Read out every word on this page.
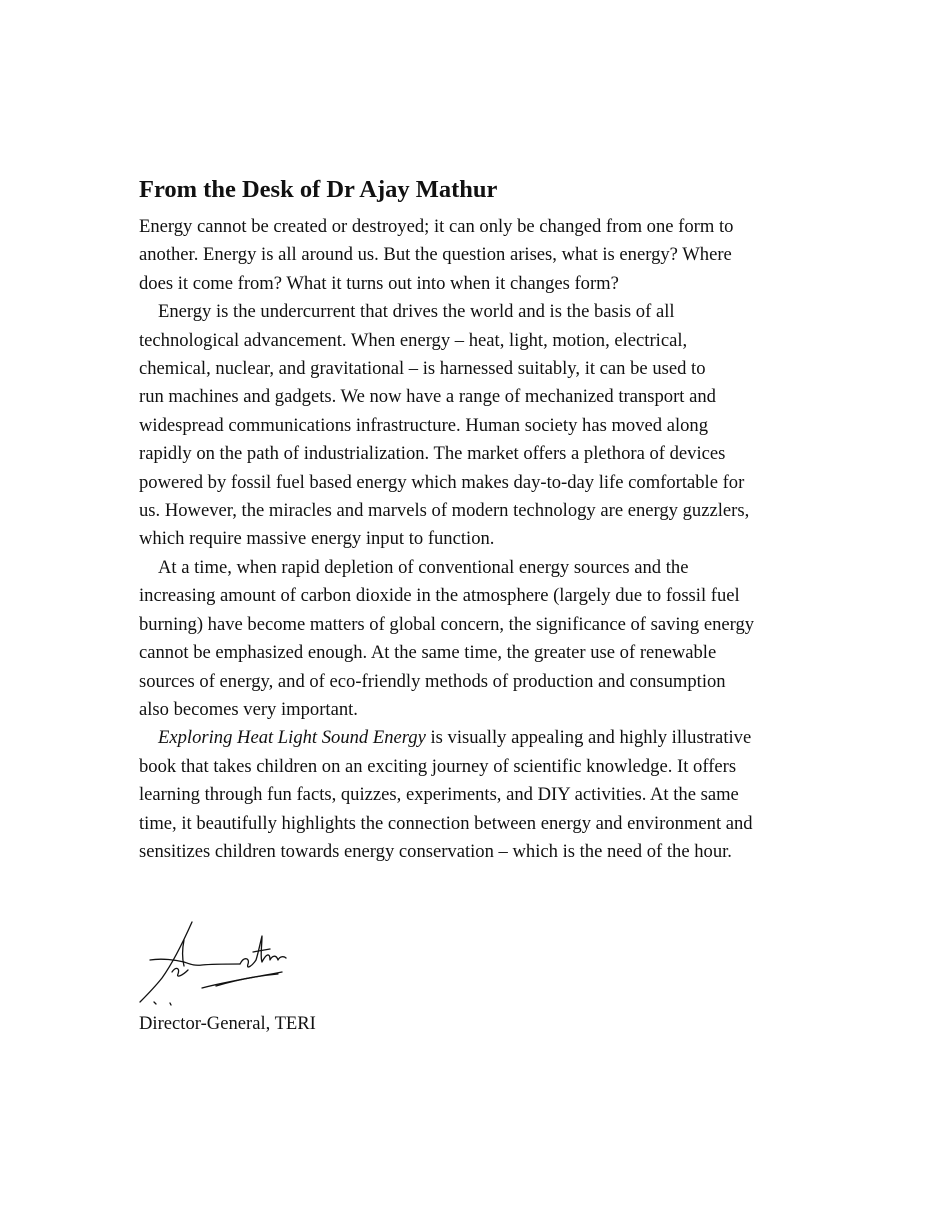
From the Desk of Dr Ajay Mathur

Energy cannot be created or destroyed; it can only be changed from one form to
another. Energy is all around us. But the question arises, what is energy? Where
does it come from? What it turns out into when it changes form?

Energy is the undercurrent that drives the world and is the basis of all
technological advancement. When energy – heat, light, motion, electrical,
chemical, nuclear, and gravitational – is harnessed suitably, it can be used to
run machines and gadgets. We now have a range of mechanized transport and
widespread communications infrastructure. Human society has moved along
rapidly on the path of industrialization. The market offers a plethora of devices
powered by fossil fuel based energy which makes day-to-day life comfortable for
us. However, the miracles and marvels of modern technology are energy guzzlers,
which require massive energy input to function.

At a time, when rapid depletion of conventional energy sources and the
increasing amount of carbon dioxide in the atmosphere (largely due to fossil fuel
burning) have become matters of global concern, the significance of saving energy
cannot be emphasized enough. At the same time, the greater use of renewable
sources of energy, and of eco-friendly methods of production and consumption
also becomes very important.

Exploring Heat Light Sound Energy is visually appealing and highly illustrative
book that takes children on an exciting journey of scientific knowledge. It offers
learning through fun facts, quizzes, experiments, and DIY activities. At the same
time, it beautifully highlights the connection between energy and environment and
sensitizes children towards energy conservation – which is the need of the hour.

Director-General, TERI
